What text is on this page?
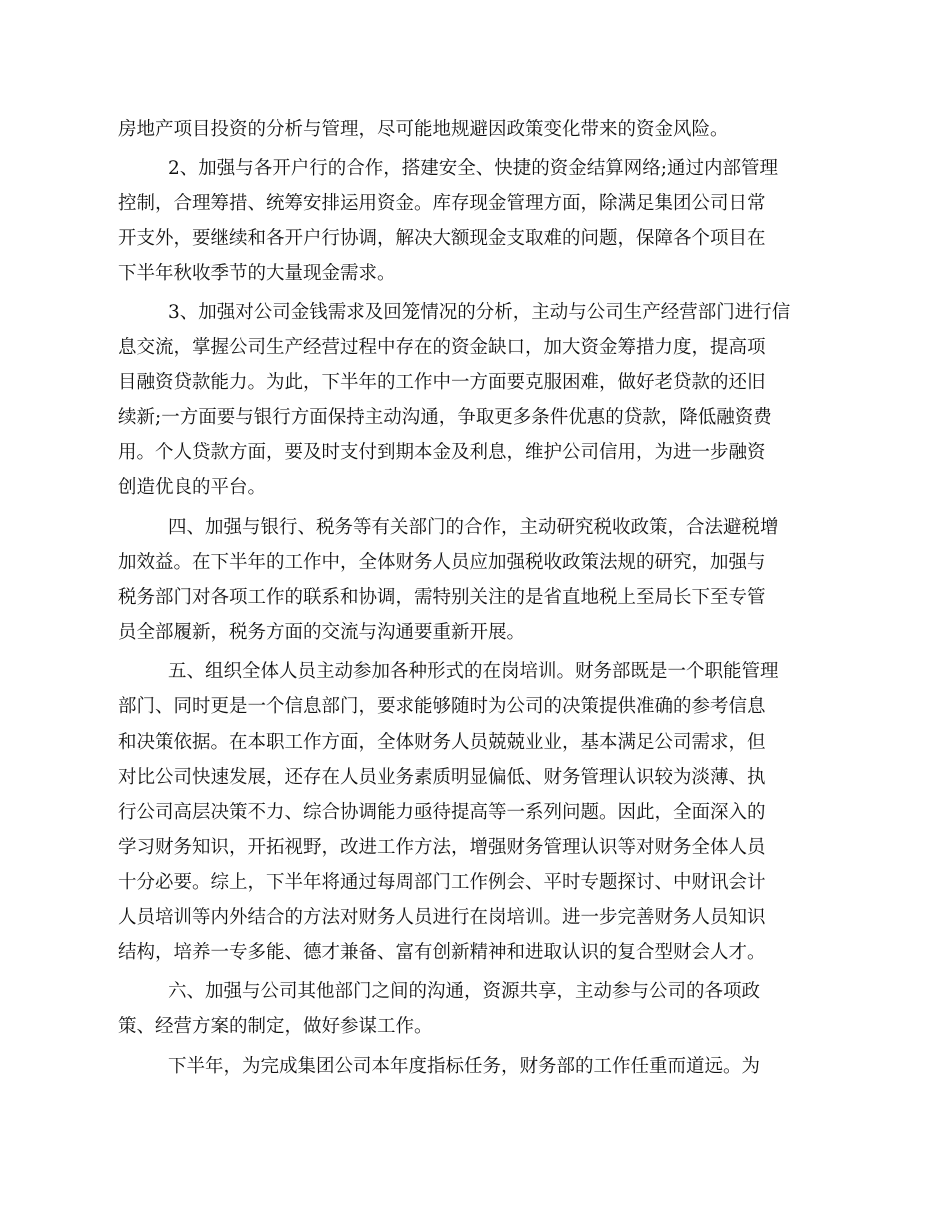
房地产项目投资的分析与管理，尽可能地规避因政策变化带来的资金风险。

2、加强与各开户行的合作，搭建安全、快捷的资金结算网络;通过内部管理

控制，合理筹措、统筹安排运用资金。库存现金管理方面，除满足集团公司日常

开支外，要继续和各开户行协调，解决大额现金支取难的问题，保障各个项目在

下半年秋收季节的大量现金需求。

3、加强对公司金钱需求及回笼情况的分析，主动与公司生产经营部门进行信

息交流，掌握公司生产经营过程中存在的资金缺口，加大资金筹措力度，提高项

目融资贷款能力。为此，下半年的工作中一方面要克服困难，做好老贷款的还旧

续新;一方面要与银行方面保持主动沟通，争取更多条件优惠的贷款，降低融资费

用。个人贷款方面，要及时支付到期本金及利息，维护公司信用，为进一步融资

创造优良的平台。

四、加强与银行、税务等有关部门的合作，主动研究税收政策，合法避税增

加效益。在下半年的工作中，全体财务人员应加强税收政策法规的研究，加强与

税务部门对各项工作的联系和协调，需特别关注的是省直地税上至局长下至专管

员全部履新，税务方面的交流与沟通要重新开展。

五、组织全体人员主动参加各种形式的在岗培训。财务部既是一个职能管理

部门、同时更是一个信息部门，要求能够随时为公司的决策提供准确的参考信息

和决策依据。在本职工作方面，全体财务人员兢兢业业，基本满足公司需求，但

对比公司快速发展，还存在人员业务素质明显偏低、财务管理认识较为淡薄、执

行公司高层决策不力、综合协调能力亟待提高等一系列问题。因此，全面深入的

学习财务知识，开拓视野，改进工作方法，增强财务管理认识等对财务全体人员

十分必要。综上，下半年将通过每周部门工作例会、平时专题探讨、中财讯会计

人员培训等内外结合的方法对财务人员进行在岗培训。进一步完善财务人员知识

结构，培养一专多能、德才兼备、富有创新精神和进取认识的复合型财会人才。

六、加强与公司其他部门之间的沟通，资源共享，主动参与公司的各项政

策、经营方案的制定，做好参谋工作。

下半年，为完成集团公司本年度指标任务，财务部的工作任重而道远。为
